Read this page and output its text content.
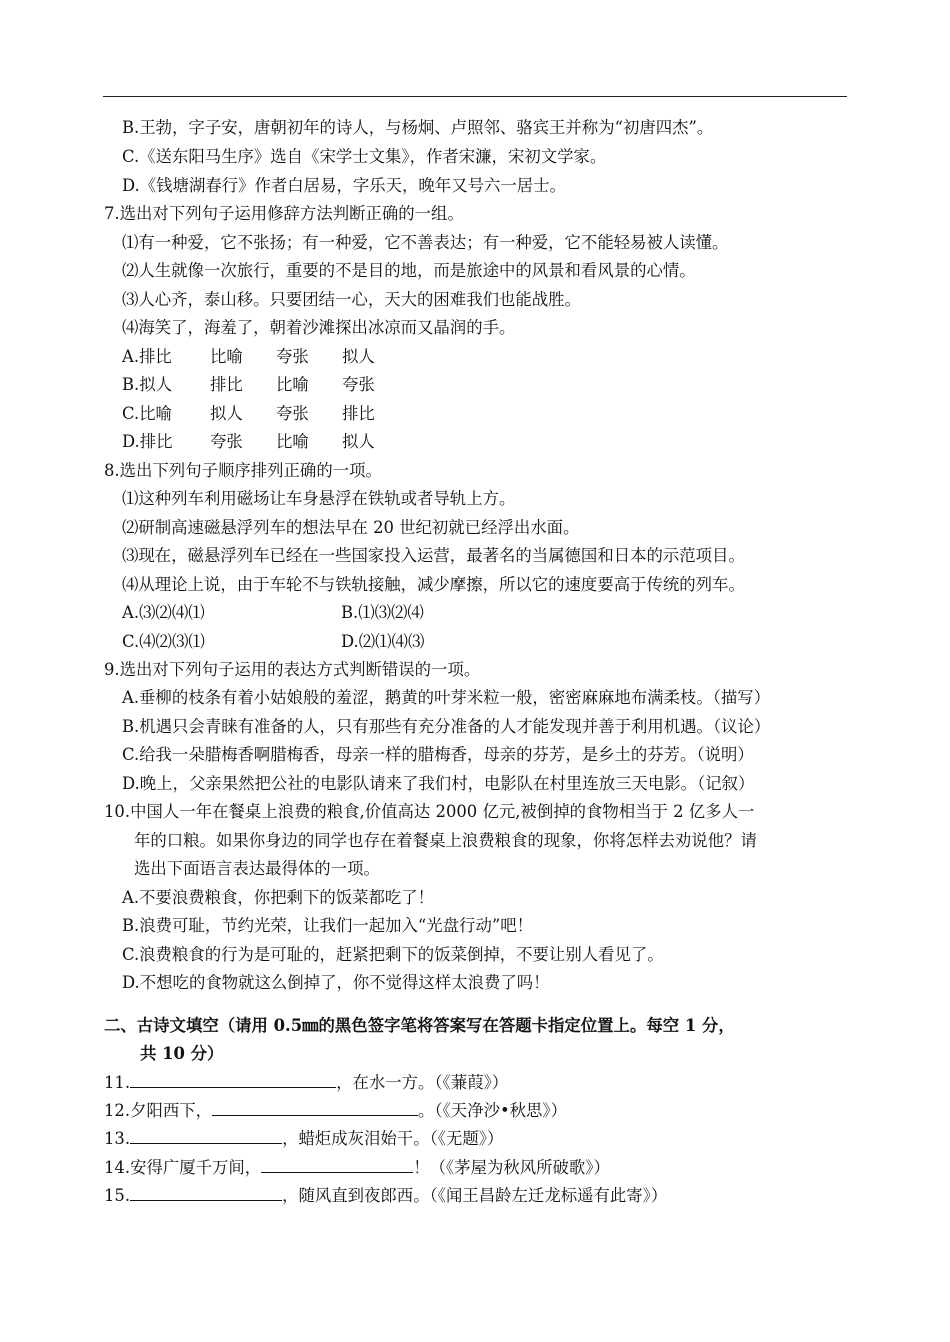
B.王勃，字子安，唐朝初年的诗人，与杨炯、卢照邻、骆宾王并称为“初唐四杰”。
C.《送东阳马生序》选自《宋学士文集》，作者宋濂，宋初文学家。
D.《钱塘湖春行》作者白居易，字乐天，晚年又号六一居士。
7.选出对下列句子运用修辞方法判断正确的一组。
⑴有一种爱，它不张扬；有一种爱，它不善表达；有一种爱，它不能轻易被人读懂。
⑵人生就像一次旅行，重要的不是目的地，而是旅途中的风景和看风景的心情。
⑶人心齐，泰山移。只要团结一心，天大的困难我们也能战胜。
⑷海笑了，海羞了，朝着沙滩探出冰凉而又晶润的手。
A.排比 比喻 夸张 拟人
B.拟人 排比 比喻 夸张
C.比喻 拟人 夸张 排比
D.排比 夸张 比喻 拟人
8.选出下列句子顺序排列正确的一项。
⑴这种列车利用磁场让车身悬浮在铁轨或者导轨上方。
⑵研制高速磁悬浮列车的想法早在 20 世纪初就已经浮出水面。
⑶现在，磁悬浮列车已经在一些国家投入运营，最著名的当属德国和日本的示范项目。
⑷从理论上说，由于车轮不与铁轨接触，减少摩擦，所以它的速度要高于传统的列车。
A.⑶⑵⑷⑴	B.⑴⑶⑵⑷
C.⑷⑵⑶⑴	D.⑵⑴⑷⑶
9.选出对下列句子运用的表达方式判断错误的一项。
A.垂柳的枝条有着小姑娘般的羞涩，鹅黄的叶芽米粒一般，密密麻麻地布满柔枝。（描写）
B.机遇只会青睐有准备的人，只有那些有充分准备的人才能发现并善于利用机遇。（议论）
C.给我一朵腊梅香啊腊梅香，母亲一样的腊梅香，母亲的芬芳，是乡土的芬芳。（说明）
D.晚上，父亲果然把公社的电影队请来了我们村，电影队在村里连放三天电影。（记叙）
10.中国人一年在餐桌上浪费的粮食,价值高达 2000 亿元,被倒掉的食物相当于 2 亿多人一
年的口粮。如果你身边的同学也存在着餐桌上浪费粮食的现象，你将怎样去劝说他？请
选出下面语言表达最得体的一项。
A.不要浪费粮食，你把剩下的饭菜都吃了！
B.浪费可耻，节约光荣，让我们一起加入“光盘行动”吧！
C.浪费粮食的行为是可耻的，赶紧把剩下的饭菜倒掉，不要让别人看见了。
D.不想吃的食物就这么倒掉了，你不觉得这样太浪费了吗！
二、古诗文填空（请用 0.5㎜的黑色签字笔将答案写在答题卡指定位置上。每空 1 分，
共 10 分）
11.	，在水一方。（《蒹葭》）
12.夕阳西下，	。（《天净沙•秋思》）
13.	，蜡炬成灰泪始干。（《无题》）
14.安得广厦千万间，	！（《茅屋为秋风所破歌》）
15.	，随风直到夜郎西。（《闻王昌龄左迁龙标遥有此寄》）
